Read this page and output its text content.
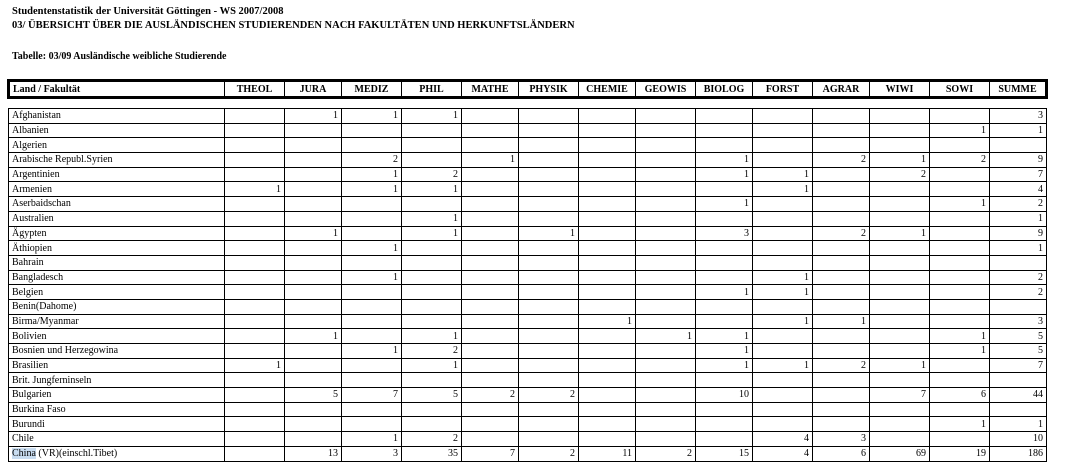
Studentenstatistik der Universität Göttingen - WS 2007/2008
03/ ÜBERSICHT ÜBER DIE AUSLÄNDISCHEN STUDIERENDEN NACH FAKULTÄTEN UND HERKUNFTSLÄNDERN
Tabelle: 03/09 Ausländische weibliche Studierende
Land / Fakultät	THEOL	JURA	MEDIZ	PHIL	MATHE	PHYSIK	CHEMIE	GEOWIS	BIOLOG	FORST	AGRAR	WIWI	SOWI	SUMME

Afghanistan		1	1	1										3
Albanien													1	1
Algerien														
Arabische Republ.Syrien			2		1				1		2	1	2	9
Argentinien			1	2					1	1		2		7
Armenien	1		1	1						1				4
Aserbaidschan									1				1	2
Australien				1										1
Ägypten		1		1		1			3		2	1		9
Äthiopien			1											1
Bahrain														
Bangladesch			1							1				2
Belgien									1	1				2
Benin(Dahome)														
Birma/Myanmar							1			1	1			3
Bolivien		1		1				1	1				1	5
Bosnien und Herzegowina			1	2					1				1	5
Brasilien	1			1					1	1	2	1		7
Brit. Jungferninseln														
Bulgarien		5	7	5	2	2			10			7	6	44
Burkina Faso														
Burundi													1	1
Chile			1	2						4	3			10
China (VR)(einschl.Tibet)		13	3	35	7	2	11	2	15	4	6	69	19	186
